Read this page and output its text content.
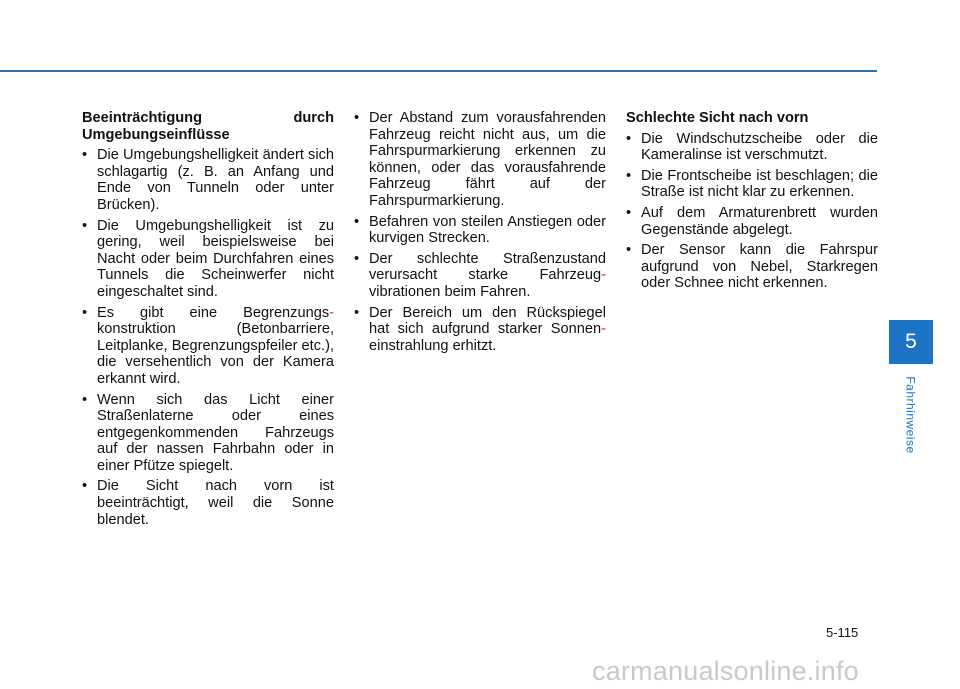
Beeinträchtigung durch Umgebungseinflüsse

• Die Umgebungshelligkeit ändert sich schlagartig (z. B. an Anfang und Ende von Tunneln oder unter Brücken).
• Die Umgebungshelligkeit ist zu gering, weil beispielsweise bei Nacht oder beim Durchfahren eines Tunnels die Scheinwerfer nicht eingeschaltet sind.
• Es gibt eine Begrenzungs-konstruktion (Betonbarriere, Leitplanke, Begrenzungspfeiler etc.), die versehentlich von der Kamera erkannt wird.
• Wenn sich das Licht einer Straßenlaterne oder eines entgegenkommenden Fahrzeugs auf der nassen Fahrbahn oder in einer Pfütze spiegelt.
• Die Sicht nach vorn ist beeinträchtigt, weil die Sonne blendet.
• Der Abstand zum vorausfahrenden Fahrzeug reicht nicht aus, um die Fahrspurmarkierung erkennen zu können, oder das vorausfahrende Fahrzeug fährt auf der Fahrspurmarkierung.
• Befahren von steilen Anstiegen oder kurvigen Strecken.
• Der schlechte Straßenzustand verursacht starke Fahrzeug-vibrationen beim Fahren.
• Der Bereich um den Rückspiegel hat sich aufgrund starker Sonnen-einstrahlung erhitzt.

Schlechte Sicht nach vorn

• Die Windschutzscheibe oder die Kameralinse ist verschmutzt.
• Die Frontscheibe ist beschlagen; die Straße ist nicht klar zu erkennen.
• Auf dem Armaturenbrett wurden Gegenstände abgelegt.
• Der Sensor kann die Fahrspur aufgrund von Nebel, Starkregen oder Schnee nicht erkennen.
5
Fahrhinweise
5-115
carmanualsonline.info
